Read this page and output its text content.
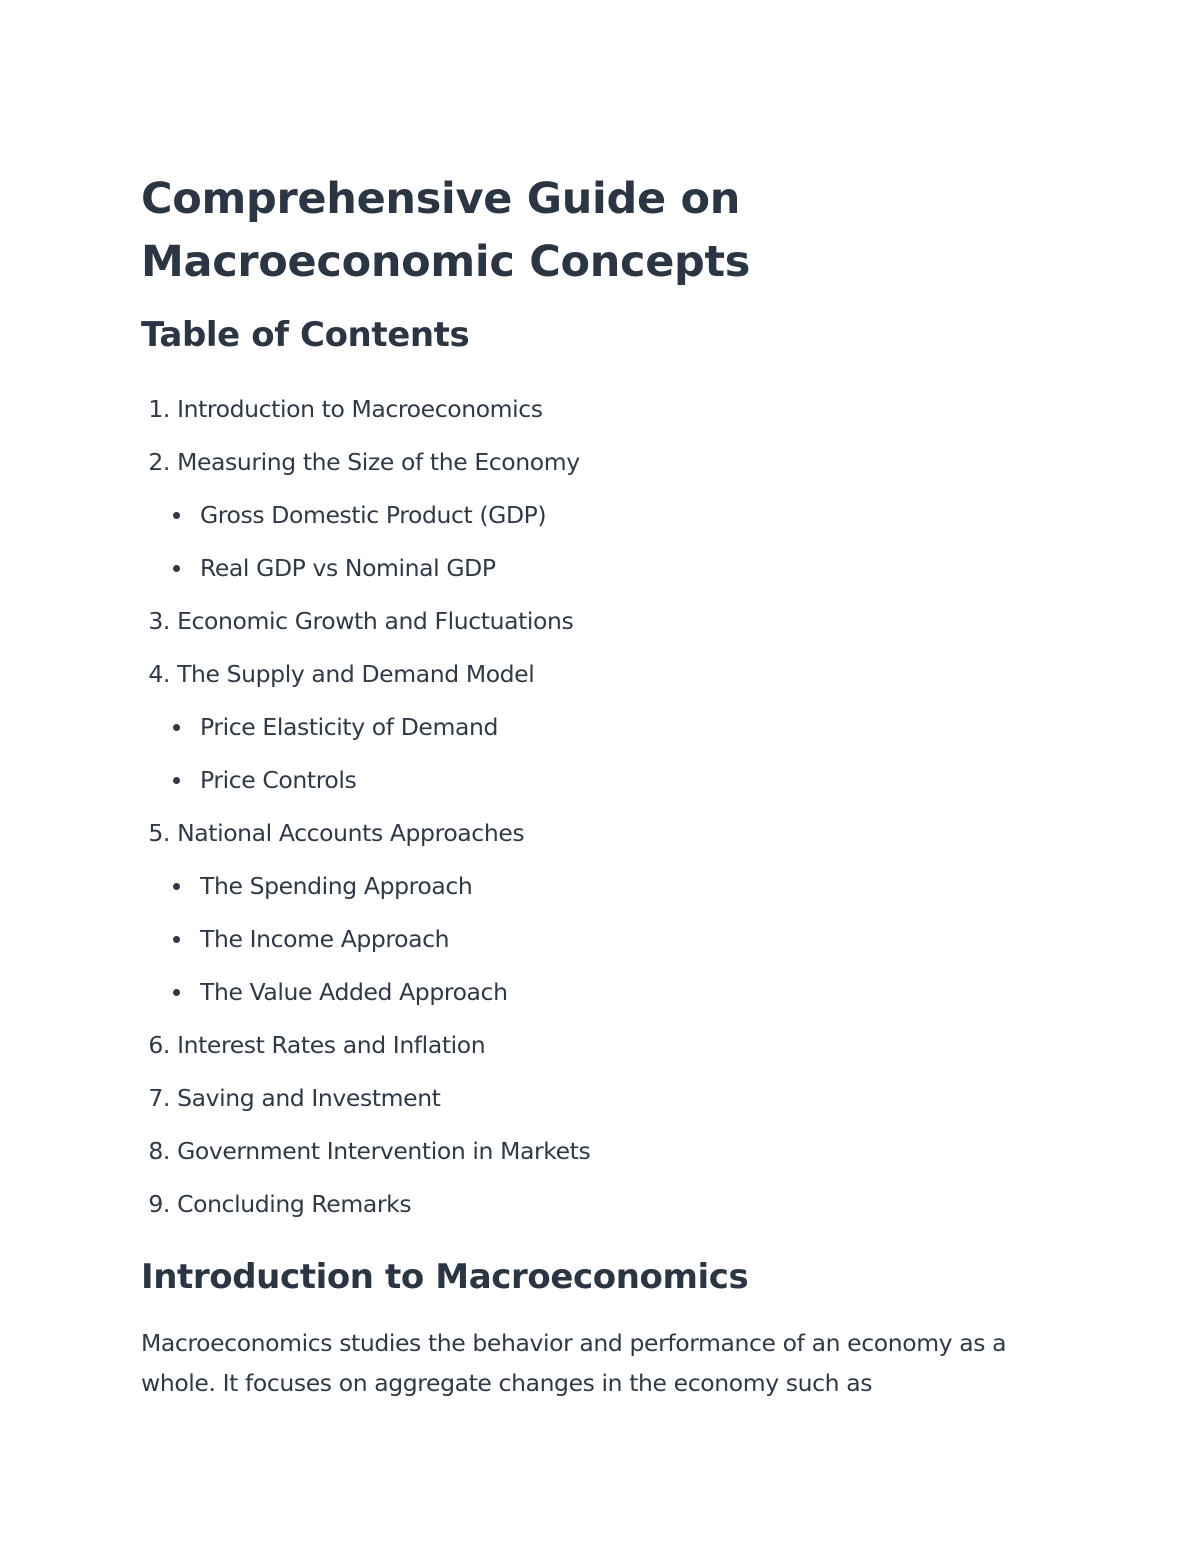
Comprehensive Guide on
Macroeconomic Concepts
Table of Contents
1. Introduction to Macroeconomics
2. Measuring the Size of the Economy
Gross Domestic Product (GDP)
Real GDP vs Nominal GDP
3. Economic Growth and Fluctuations
4. The Supply and Demand Model
Price Elasticity of Demand
Price Controls
5. National Accounts Approaches
The Spending Approach
The Income Approach
The Value Added Approach
6. Interest Rates and Inflation
7. Saving and Investment
8. Government Intervention in Markets
9. Concluding Remarks
Introduction to Macroeconomics

Macroeconomics studies the behavior and performance of an economy as a whole. It focuses on aggregate changes in the economy such as
